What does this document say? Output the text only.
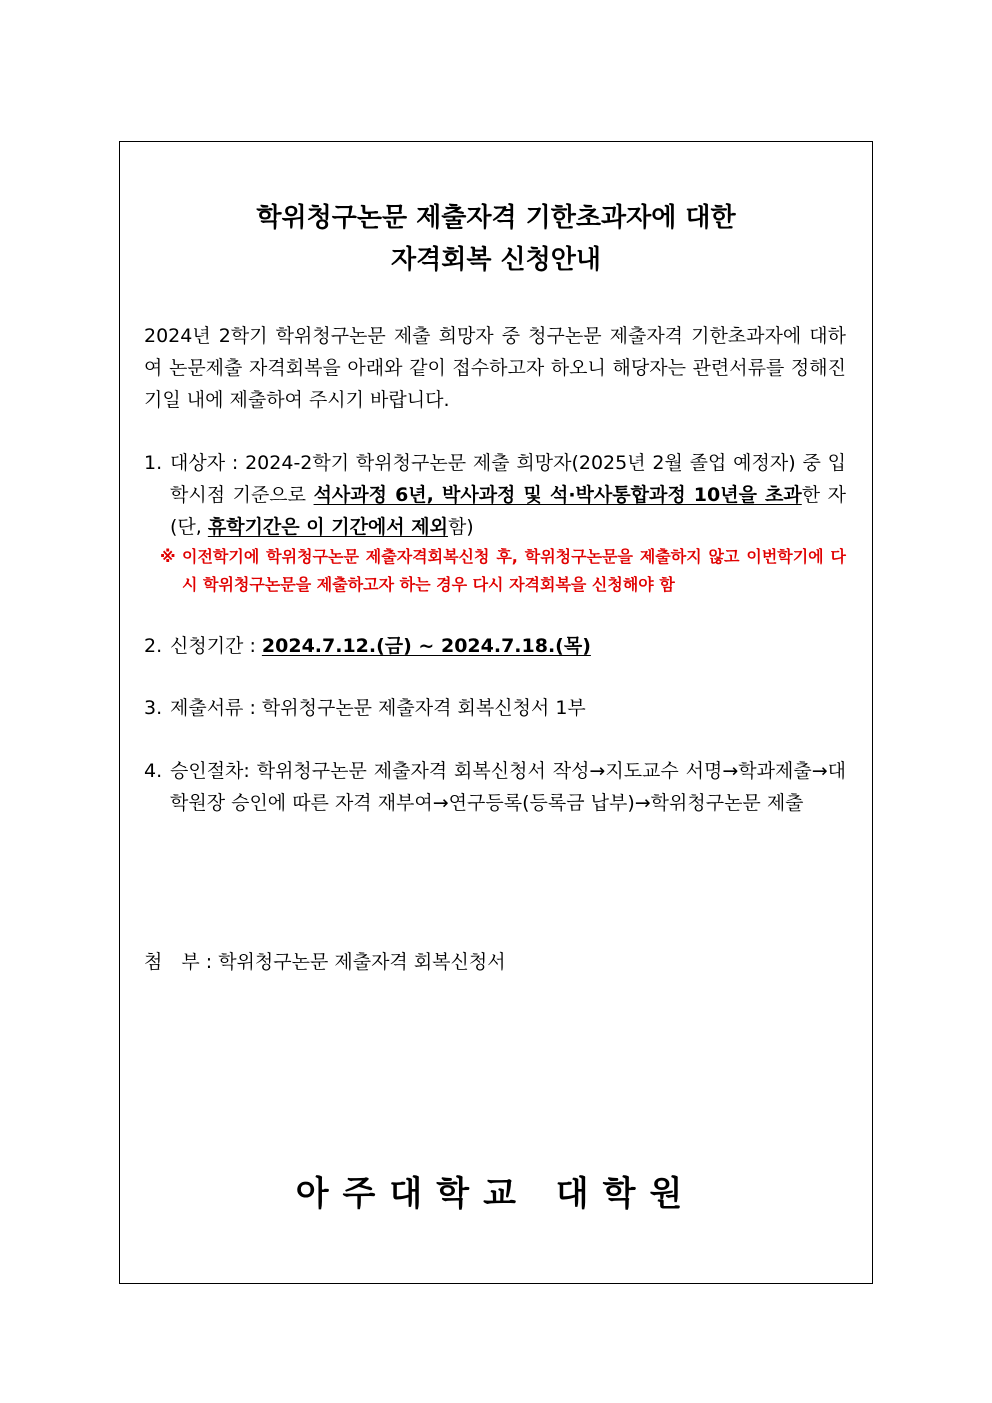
학위청구논문 제출자격 기한초과자에 대한
자격회복 신청안내
2024년 2학기 학위청구논문 제출 희망자 중 청구논문 제출자격 기한초과자에 대하여 논문제출 자격회복을 아래와 같이 접수하고자 하오니 해당자는 관련서류를 정해진 기일 내에 제출하여 주시기 바랍니다.
1. 대상자 : 2024-2학기 학위청구논문 제출 희망자(2025년 2월 졸업 예정자) 중 입학시점 기준으로 석사과정 6년, 박사과정 및 석·박사통합과정 10년을 초과한 자 (단, 휴학기간은 이 기간에서 제외함)
※ 이전학기에 학위청구논문 제출자격회복신청 후, 학위청구논문을 제출하지 않고 이번학기에 다시 학위청구논문을 제출하고자 하는 경우 다시 자격회복을 신청해야 함
2. 신청기간 : 2024.7.12.(금) ~ 2024.7.18.(목)
3. 제출서류 : 학위청구논문 제출자격 회복신청서 1부
4. 승인절차: 학위청구논문 제출자격 회복신청서 작성→지도교수 서명→학과제출→대학원장 승인에 따른 자격 재부여→연구등록(등록금 납부)→학위청구논문 제출
첨　부 : 학위청구논문 제출자격 회복신청서
아주대학교 대학원
